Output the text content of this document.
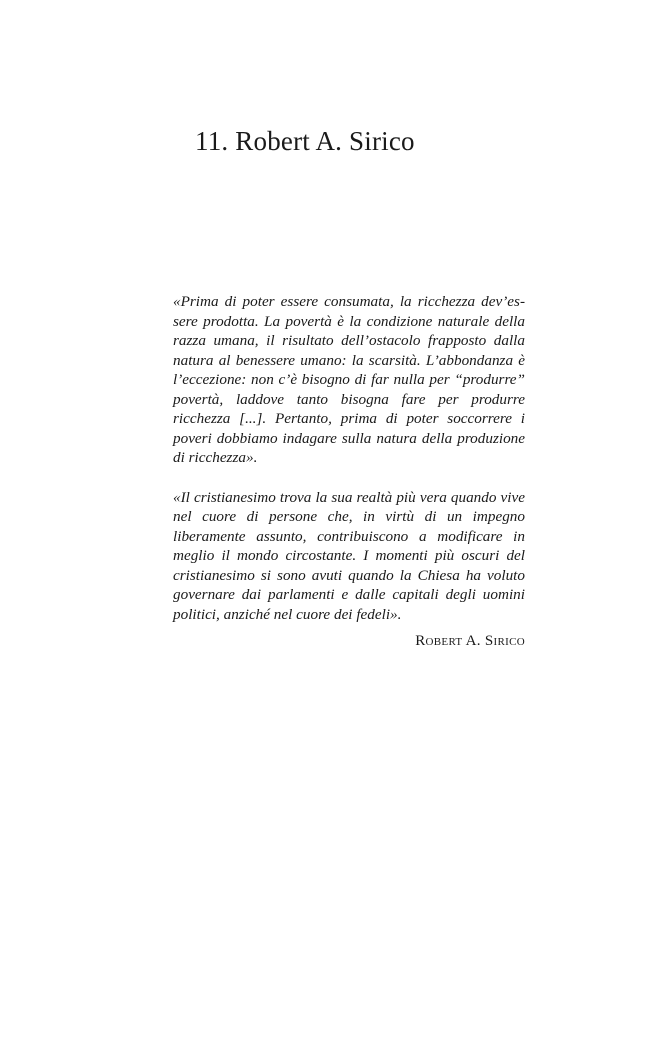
11. Robert A. Sirico

«Prima di poter essere consumata, la ricchezza dev’essere prodotta. La povertà è la condizione naturale della razza umana, il risultato dell’ostacolo frapposto dalla natura al benessere umano: la scarsità. L’abbondanza è l’eccezione: non c’è bisogno di far nulla per “produrre” povertà, laddove tanto bisogna fare per produrre ricchezza [...]. Pertanto, prima di poter soccorrere i poveri dobbiamo indagare sulla natura della produzione di ricchezza».

«Il cristianesimo trova la sua realtà più vera quando vive nel cuore di persone che, in virtù di un impegno liberamente assunto, contribuiscono a modificare in meglio il mondo circostante. I momenti più oscuri del cristianesimo si sono avuti quando la Chiesa ha voluto governare dai parlamenti e dalle capitali degli uomini politici, anziché nel cuore dei fedeli».

Robert A. Sirico
